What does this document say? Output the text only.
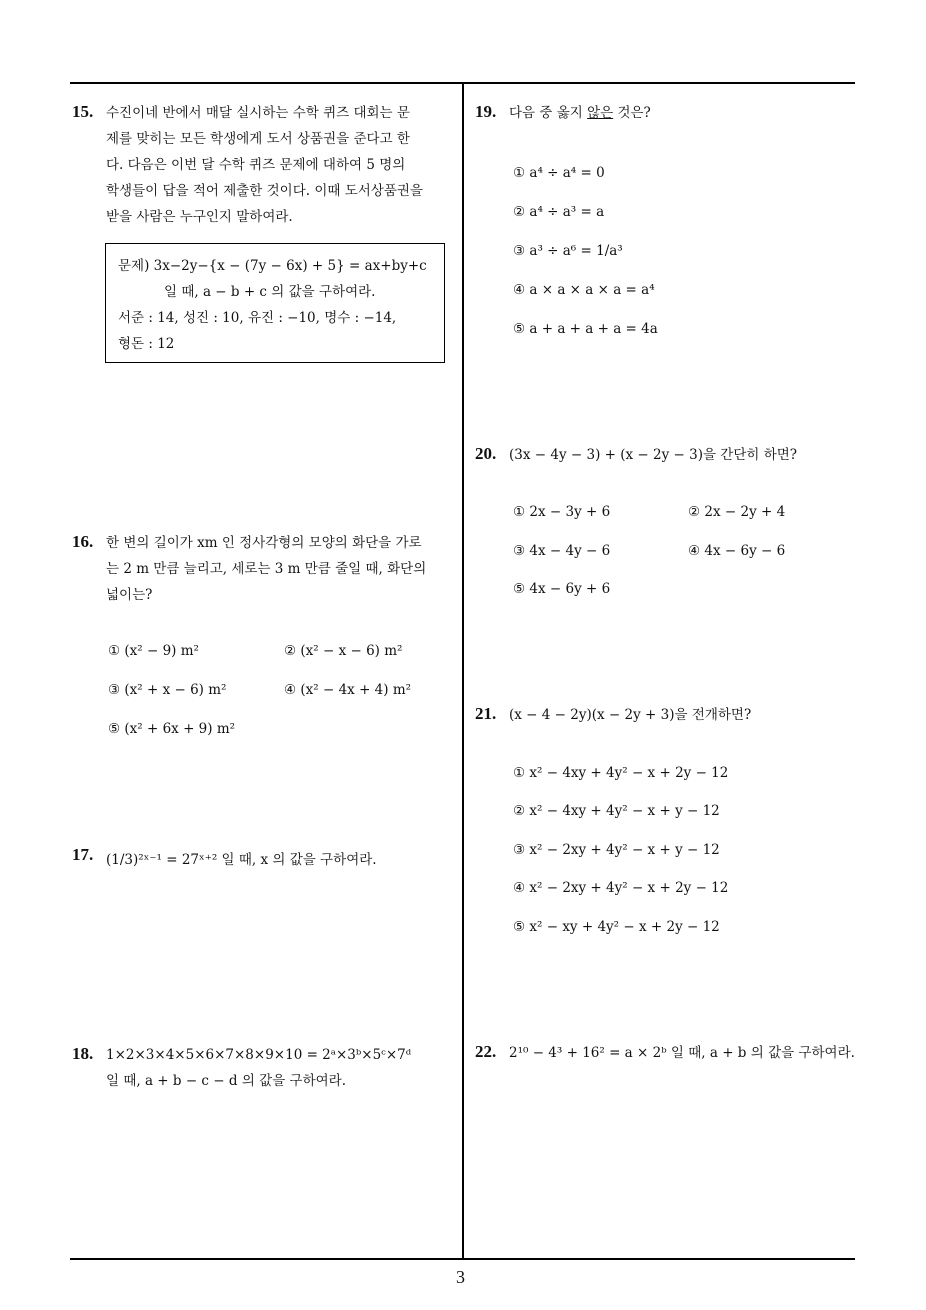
15. 수진이네 반에서 매달 실시하는 수학 퀴즈 대회는 문
제를 맞히는 모든 학생에게 도서 상품권을 준다고 한
다. 다음은 이번 달 수학 퀴즈 문제에 대하여 5 명의
학생들이 답을 적어 제출한 것이다. 이때 도서상품권을
받을 사람은 누구인지 말하여라.
문제) 3x−2y−{x − (7y − 6x) + 5} = ax+by+c
일 때, a − b + c 의 값을 구하여라.
서준 : 14, 성진 : 10, 유진 : −10, 명수 : −14,
형돈 : 12
16. 한 변의 길이가 xm 인 정사각형의 모양의 화단을 가로
는 2 m 만큼 늘리고, 세로는 3 m 만큼 줄일 때, 화단의
넓이는?
① (x² − 9) m²	② (x² − x − 6) m²
③ (x² + x − 6) m²	④ (x² − 4x + 4) m²
⑤ (x² + 6x + 9) m²
17. (1/3)²ˣ⁻¹ = 27ˣ⁺² 일 때, x 의 값을 구하여라.
18. 1×2×3×4×5×6×7×8×9×10 = 2ᵃ×3ᵇ×5ᶜ×7ᵈ
일 때, a + b − c − d 의 값을 구하여라.
19. 다음 중 옳지 않은 것은?
① a⁴ ÷ a⁴ = 0
② a⁴ ÷ a³ = a
③ a³ ÷ a⁶ = 1/a³
④ a × a × a × a = a⁴
⑤ a + a + a + a = 4a
20. (3x − 4y − 3) + (x − 2y − 3)을 간단히 하면?
① 2x − 3y + 6	② 2x − 2y + 4
③ 4x − 4y − 6	④ 4x − 6y − 6
⑤ 4x − 6y + 6
21. (x − 4 − 2y)(x − 2y + 3)을 전개하면?
① x² − 4xy + 4y² − x + 2y − 12
② x² − 4xy + 4y² − x + y − 12
③ x² − 2xy + 4y² − x + y − 12
④ x² − 2xy + 4y² − x + 2y − 12
⑤ x² − xy + 4y² − x + 2y − 12
22. 2¹⁰ − 4³ + 16² = a × 2ᵇ 일 때, a + b 의 값을 구하여라.
3
